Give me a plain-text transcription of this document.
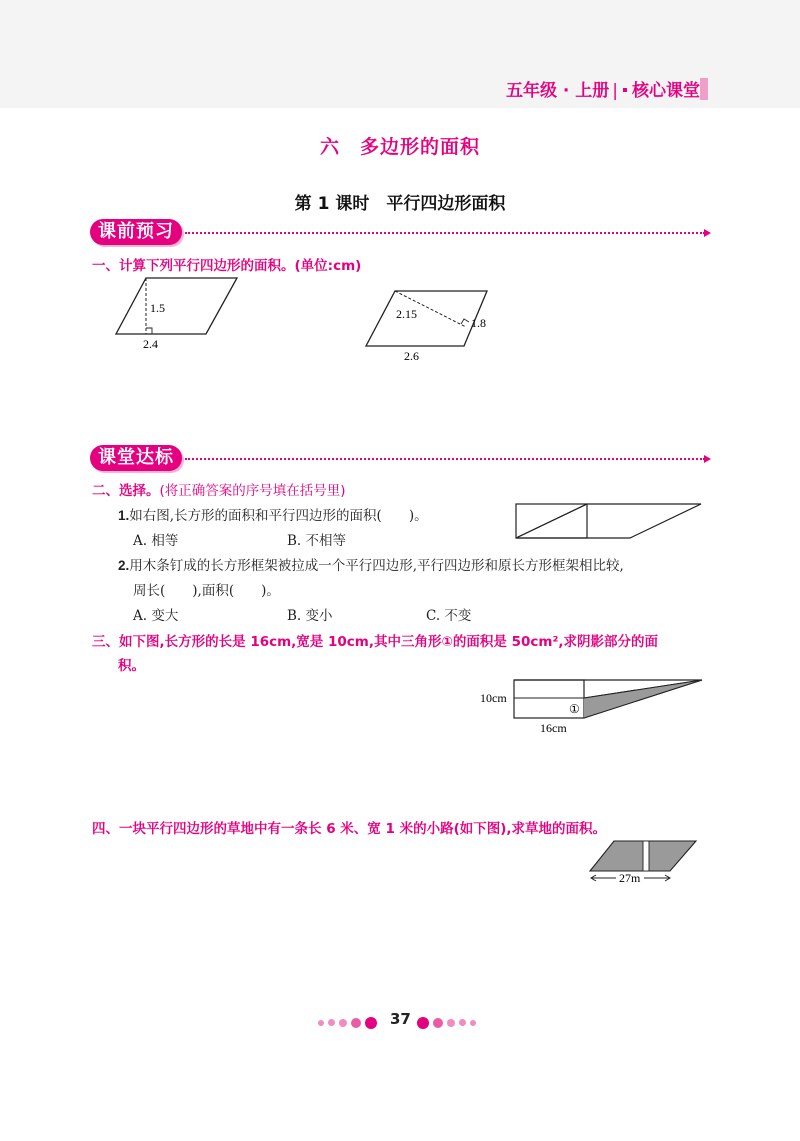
五年级 · 上册 | 核心课堂
六　多边形的面积
第 1 课时　平行四边形面积
课前预习
一、计算下列平行四边形的面积。(单位:cm)
1.5
2.4
2.15
1.8
2.6
课堂达标
二、选择。(将正确答案的序号填在括号里)
1.如右图,长方形的面积和平行四边形的面积(　　)。
A. 相等	B. 不相等
2.用木条钉成的长方形框架被拉成一个平行四边形,平行四边形和原长方形框架相比较,
周长(　　),面积(　　)。
A. 变大	B. 变小	C. 不变
三、如下图,长方形的长是 16cm,宽是 10cm,其中三角形①的面积是 50cm²,求阴影部分的面
积。
①
10cm
16cm
四、一块平行四边形的草地中有一条长 6 米、宽 1 米的小路(如下图),求草地的面积。
27m
37
